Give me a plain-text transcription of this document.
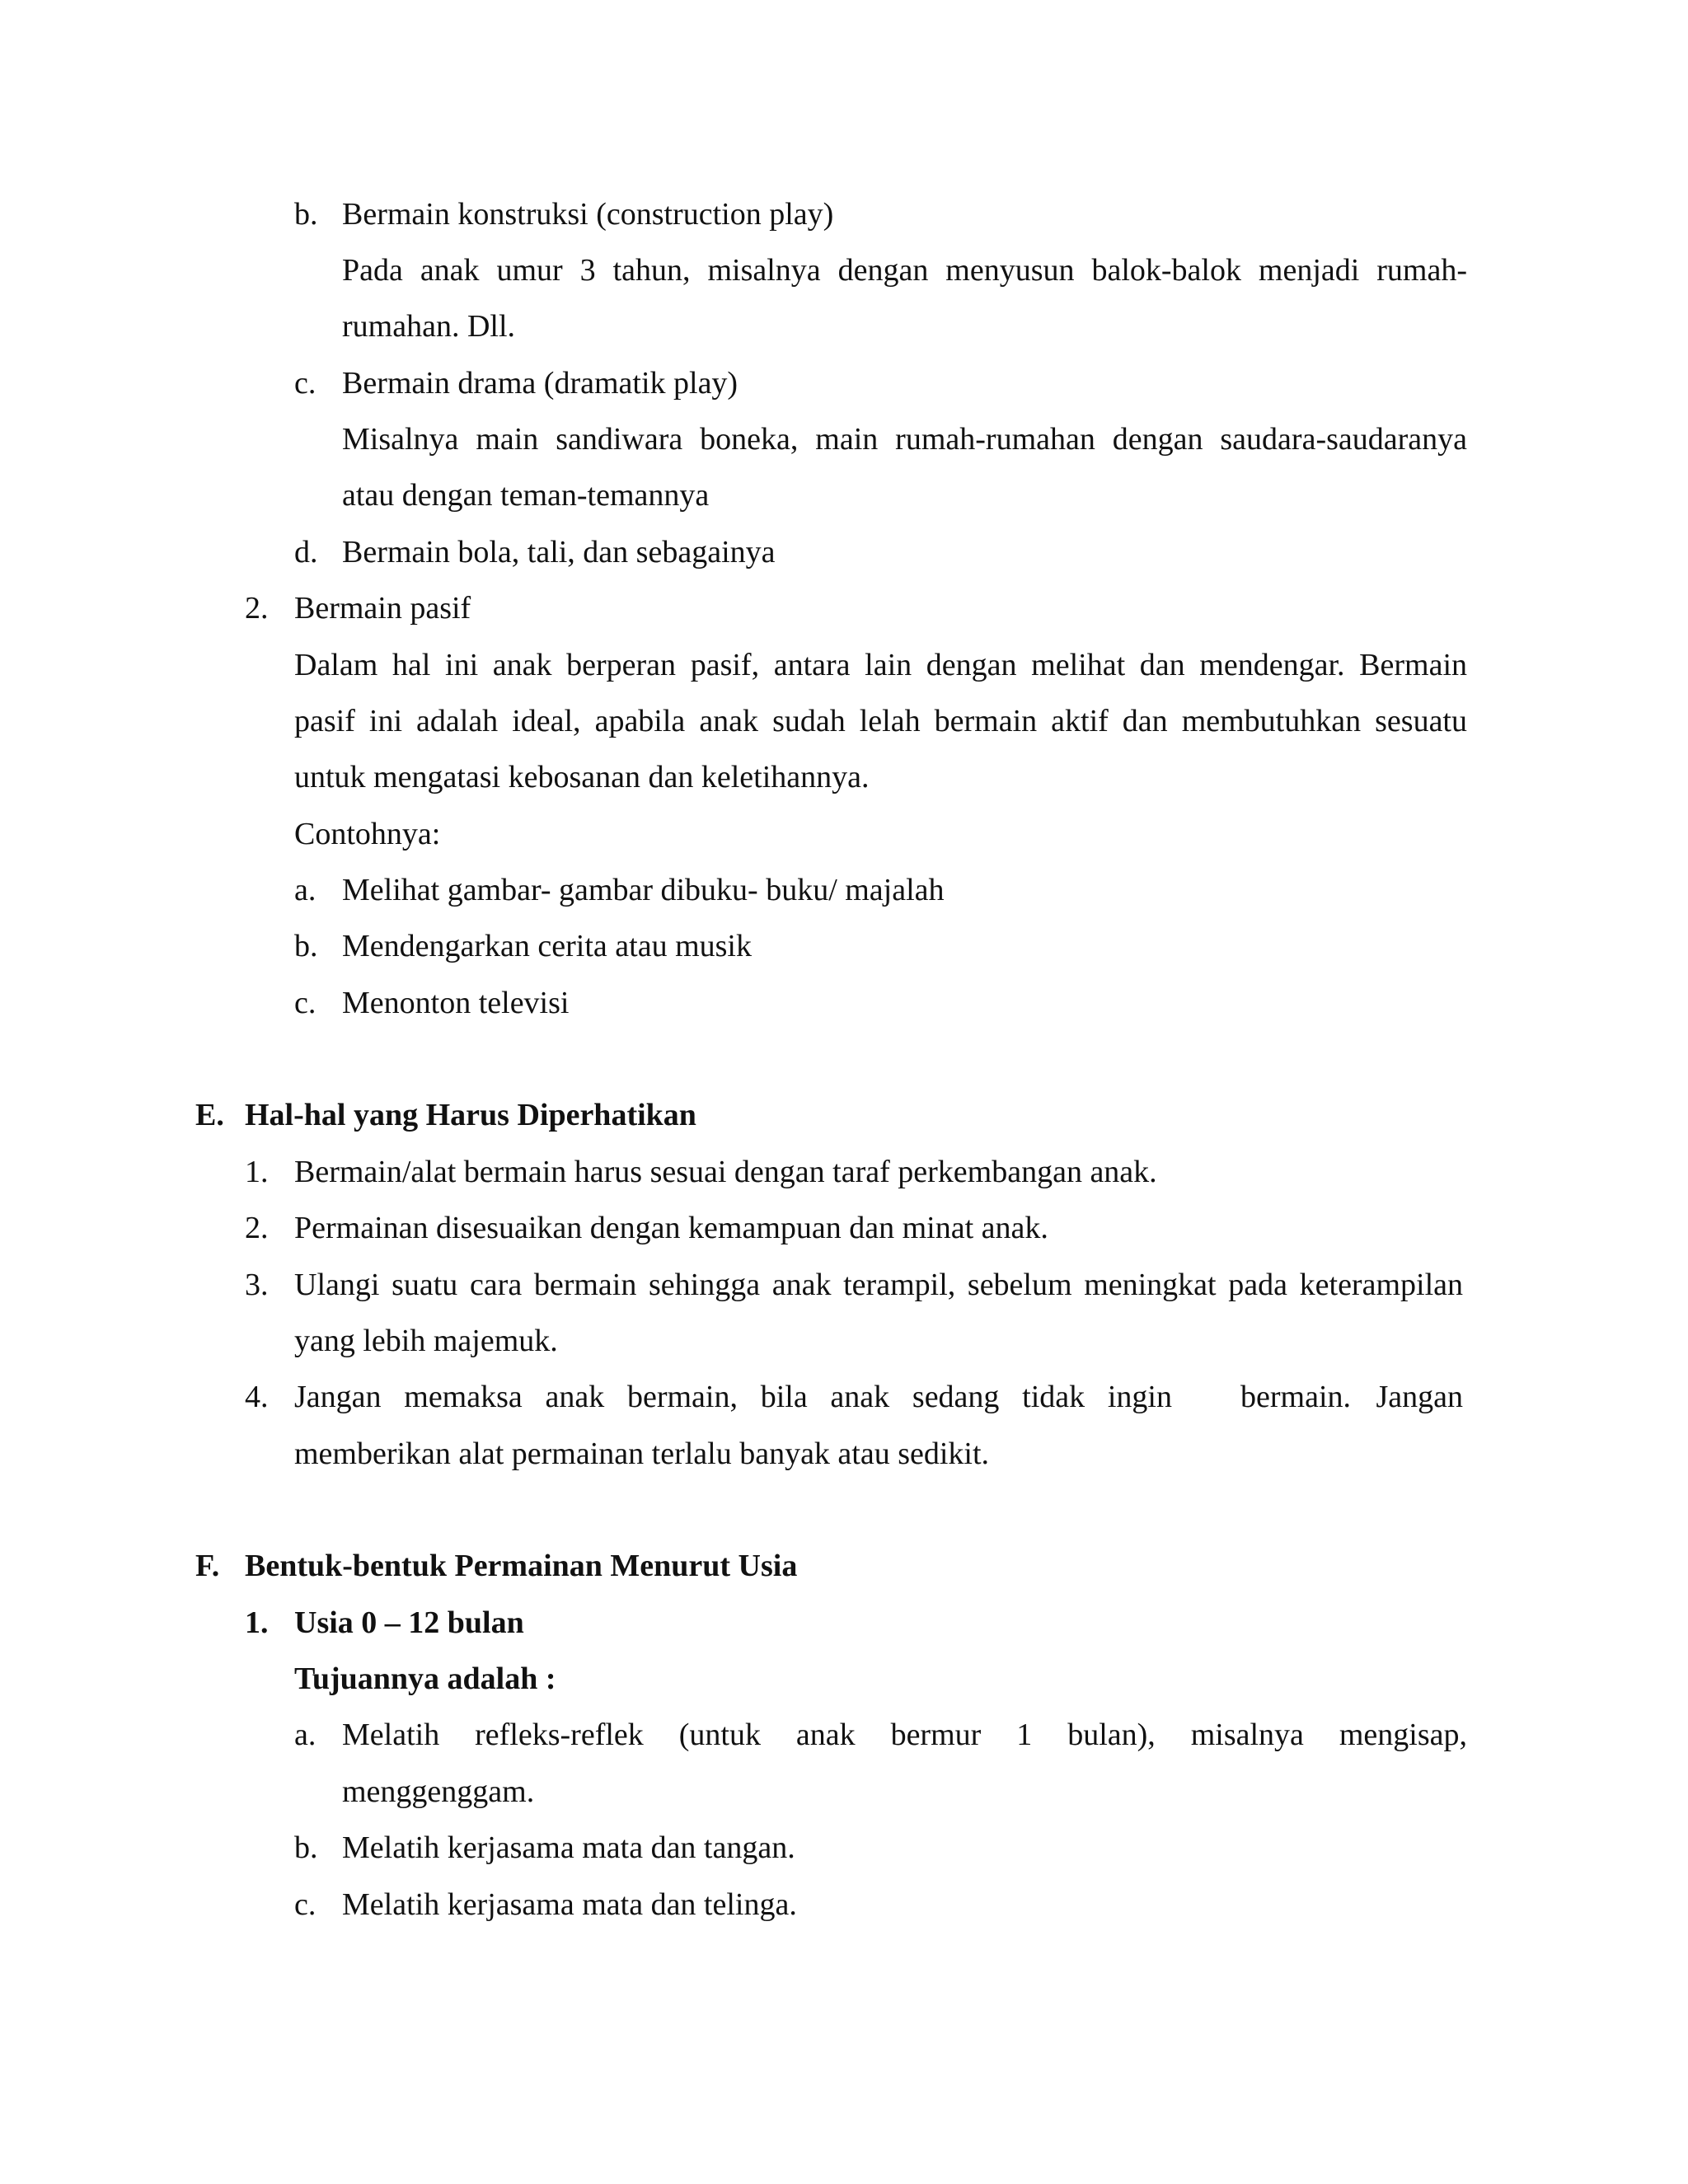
b. Bermain konstruksi (construction play)
Pada anak umur 3 tahun, misalnya dengan menyusun balok-balok menjadi rumah-
rumahan. Dll.
c. Bermain drama (dramatik play)
Misalnya main sandiwara boneka, main rumah-rumahan dengan saudara-saudaranya
atau dengan teman-temannya
d. Bermain bola, tali, dan sebagainya
2. Bermain pasif
Dalam hal ini anak berperan pasif, antara lain dengan melihat dan mendengar. Bermain
pasif ini adalah ideal, apabila anak sudah lelah bermain aktif dan membutuhkan sesuatu
untuk mengatasi kebosanan dan keletihannya.
Contohnya:
a. Melihat gambar- gambar dibuku- buku/ majalah
b. Mendengarkan cerita atau musik
c. Menonton televisi
E. Hal-hal yang Harus Diperhatikan
1. Bermain/alat bermain harus sesuai dengan taraf perkembangan anak.
2. Permainan disesuaikan dengan kemampuan dan minat anak.
3. Ulangi suatu cara bermain sehingga anak terampil, sebelum meningkat pada keterampilan
yang lebih majemuk.
4. Jangan memaksa anak bermain, bila anak sedang tidak ingin bermain. Jangan
memberikan alat permainan terlalu banyak atau sedikit.
F. Bentuk-bentuk Permainan Menurut Usia
1. Usia 0 – 12 bulan
Tujuannya adalah :
a. Melatih refleks-reflek (untuk anak bermur 1 bulan), misalnya mengisap,
menggenggam.
b. Melatih kerjasama mata dan tangan.
c. Melatih kerjasama mata dan telinga.
